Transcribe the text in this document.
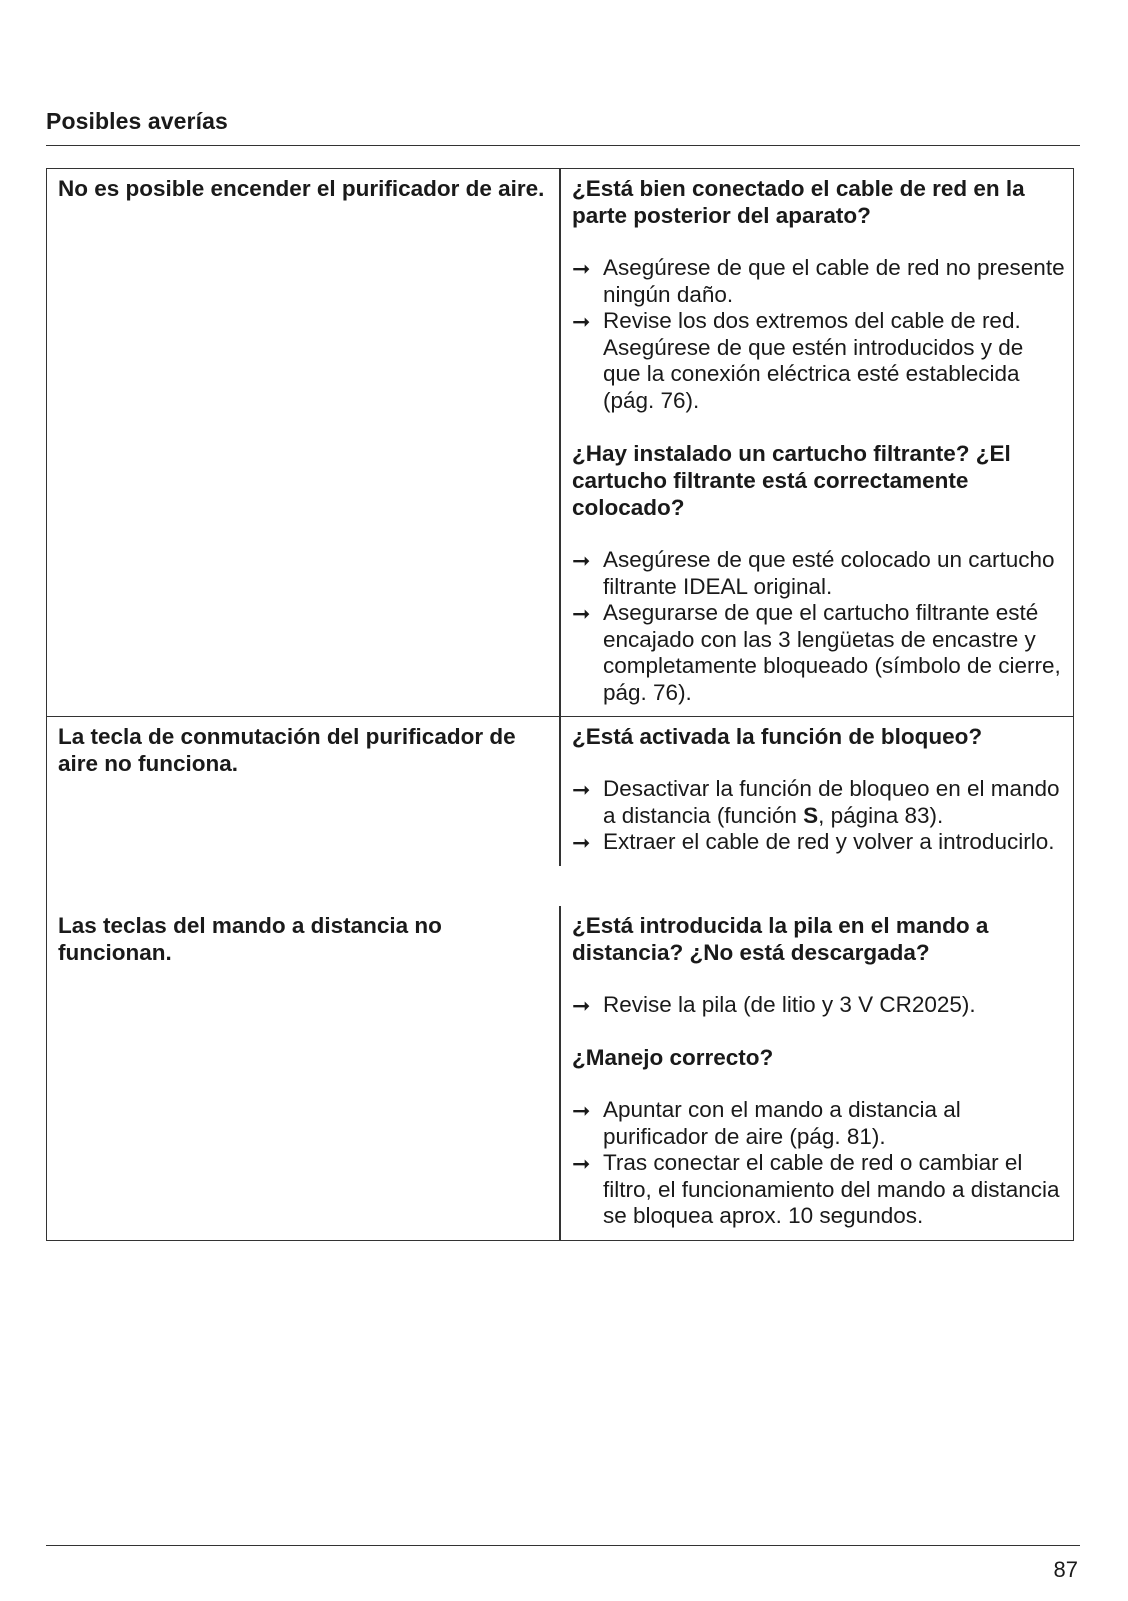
Posibles averías

No es posible encender el purificador de aire. ¿Está bien conectado el cable de red en la parte posterior del aparato?

➞ Asegúrese de que el cable de red no presente ningún daño.
➞ Revise los dos extremos del cable de red. Asegúrese de que estén introducidos y de que la conexión eléctrica esté establecida (pág. 76).

¿Hay instalado un cartucho filtrante? ¿El cartucho filtrante está correctamente colocado?

➞ Asegúrese de que esté colocado un cartucho filtrante IDEAL original.
➞ Asegurarse de que el cartucho filtrante esté encajado con las 3 lengüetas de encastre y completamente bloqueado (símbolo de cierre, pág. 76).

La tecla de conmutación del purificador de aire no funciona.

¿Está activada la función de bloqueo?

➞ Desactivar la función de bloqueo en el mando a distancia (función S, página 83).
➞ Extraer el cable de red y volver a introducirlo.

Las teclas del mando a distancia no funcionan.

¿Está introducida la pila en el mando a distancia? ¿No está descargada?

➞ Revise la pila (de litio y 3 V CR2025).

¿Manejo correcto?

➞ Apuntar con el mando a distancia al purificador de aire (pág. 81).
➞ Tras conectar el cable de red o cambiar el filtro, el funcionamiento del mando a distancia se bloquea aprox. 10 segundos.
87
